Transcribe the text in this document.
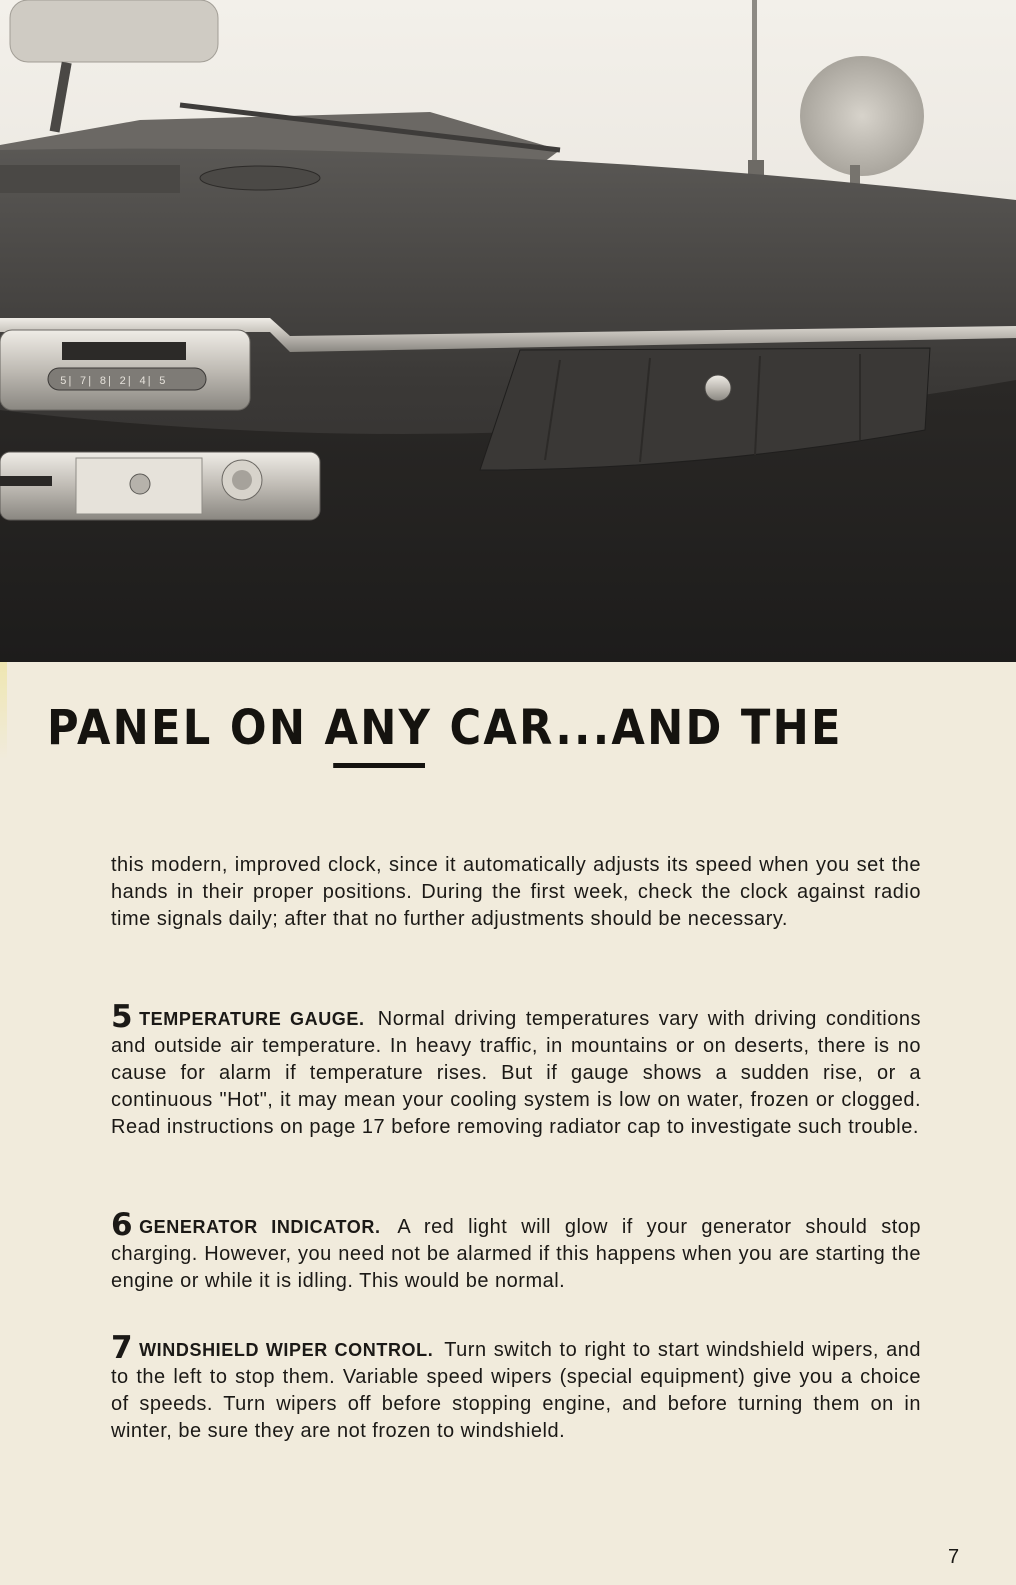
5| 7| 8| 2| 4| 5
PANEL ON ANY
CAR...AND THE

this modern, improved clock, since it automatically adjusts its speed when you set the hands in their proper positions. During the first week, check the clock against radio time signals daily; after that no further adjustments should be necessary.

5 TEMPERATURE GAUGE. Normal driving temperatures vary with driving conditions and outside air temperature. In heavy traffic, in mountains or on deserts, there is no cause for alarm if temperature rises. But if gauge shows a sudden rise, or a continuous "Hot", it may mean your cooling system is low on water, frozen or clogged. Read instructions on page 17 before removing radiator cap to investigate such trouble.

6 GENERATOR INDICATOR. A red light will glow if your generator should stop charging. However, you need not be alarmed if this happens when you are starting the engine or while it is idling. This would be normal.

7 WINDSHIELD WIPER CONTROL. Turn switch to right to start windshield wipers, and to the left to stop them. Variable speed wipers (special equipment) give you a choice of speeds. Turn wipers off before stopping engine, and before turning them on in winter, be sure they are not frozen to windshield.

7
